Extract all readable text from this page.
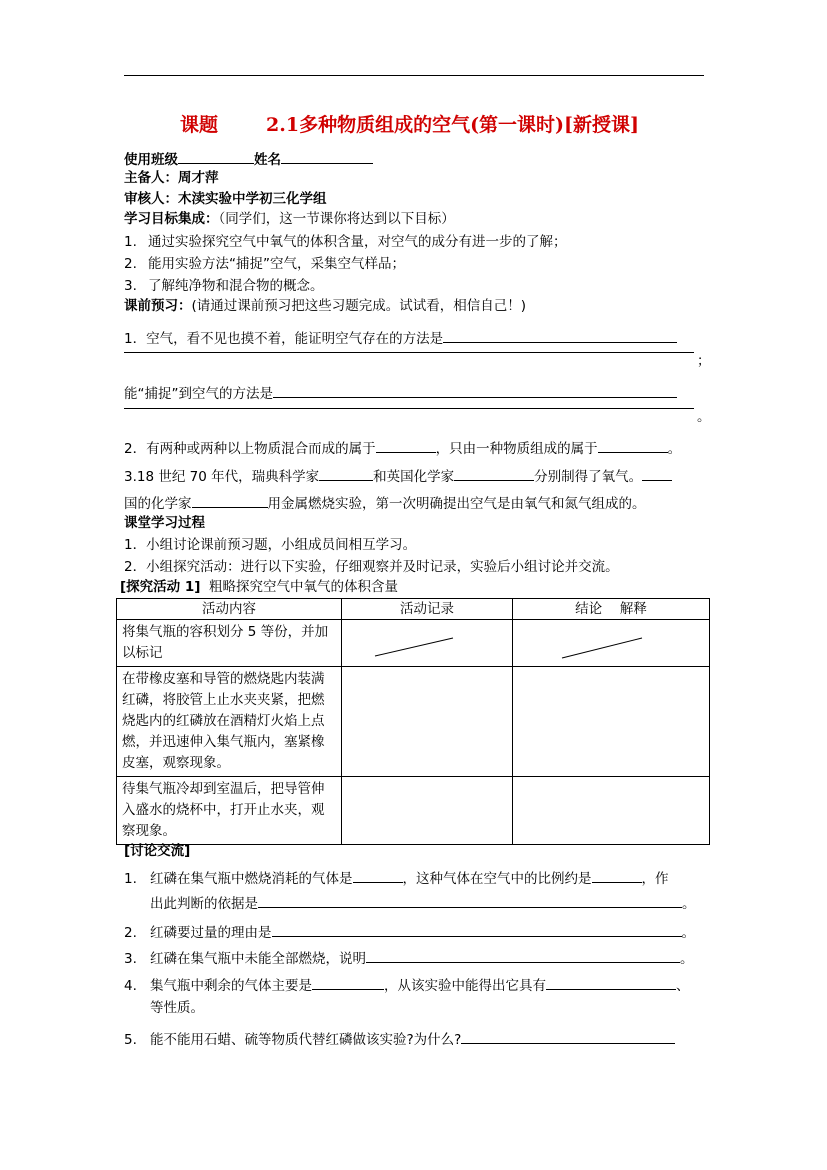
课题	2.1多种物质组成的空气(第一课时)[新授课]
使用班级	姓名
主备人：周才萍
审核人：木渎实验中学初三化学组
学习目标集成：（同学们，这一节课你将达到以下目标）
1. 通过实验探究空气中氧气的体积含量，对空气的成分有进一步的了解；
2. 能用实验方法“捕捉”空气，采集空气样品；
3. 了解纯净物和混合物的概念。
课前预习：(请通过课前预习把这些习题完成。试试看，相信自己！)
1．空气，看不见也摸不着，能证明空气存在的方法是
；
能“捕捉”到空气的方法是
。
2．有两种或两种以上物质混合而成的属于	，只由一种物质组成的属于	。
3.18 世纪 70 年代，瑞典科学家	和英国化学家	分别制得了氧气。
国的化学家	用金属燃烧实验，第一次明确提出空气是由氧气和氮气组成的。
课堂学习过程
1．小组讨论课前预习题，小组成员间相互学习。
2．小组探究活动：进行以下实验，仔细观察并及时记录，实验后小组讨论并交流。
[探究活动 1] 粗略探究空气中氧气的体积含量
活动内容	活动记录	结论　 解释
将集气瓶的容积划分 5 等份，并加以标记	

在带橡皮塞和导管的燃烧匙内装满红磷，将胶管上止水夹夹紧，把燃烧匙内的红磷放在酒精灯火焰上点燃，并迅速伸入集气瓶内，塞紧橡皮塞，观察现象。		
待集气瓶冷却到室温后，把导管伸入盛水的烧杯中，打开止水夹，观察现象。		
[讨论交流]
1. 红磷在集气瓶中燃烧消耗的气体是	，这种气体在空气中的比例约是	，作
出此判断的依据是	。
2. 红磷要过量的理由是	。
3. 红磷在集气瓶中未能全部燃烧，说明	。
4. 集气瓶中剩余的气体主要是	，从该实验中能得出它具有	、
等性质。
5. 能不能用石蜡、硫等物质代替红磷做该实验?为什么?
